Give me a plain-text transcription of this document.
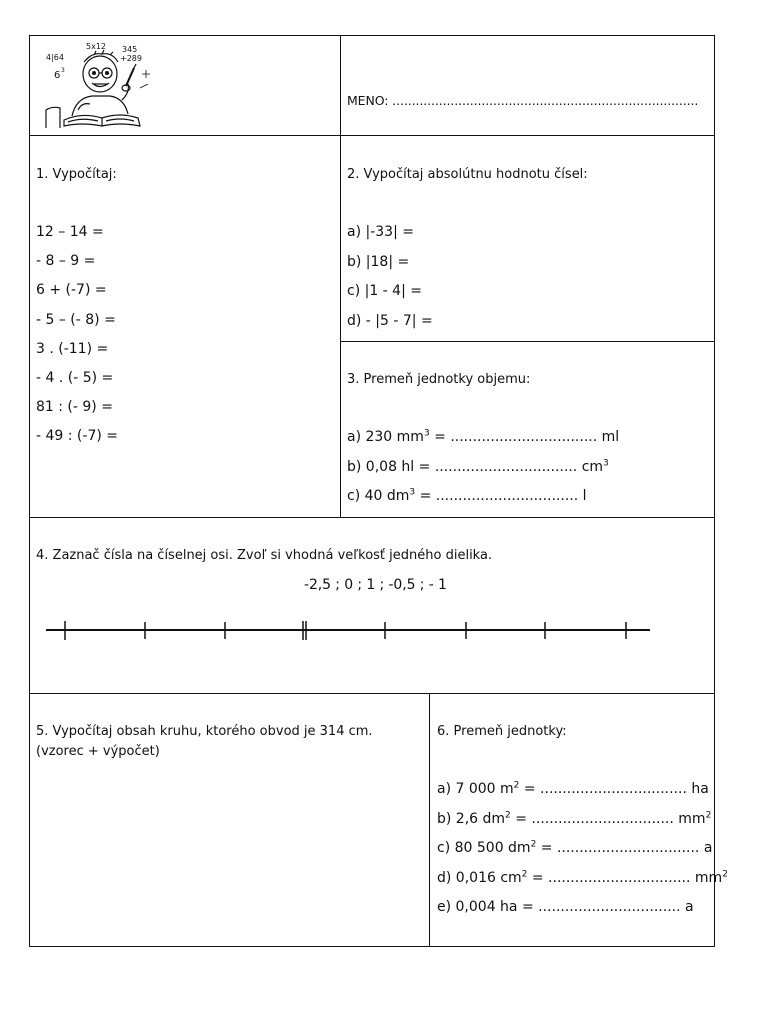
5x12 345
+289
4|64
6 3
MENO: ...............................................................................
1. Vypočítaj:	2. Vypočítaj absolútnu hodnotu čísel:
3. Premeň jednotky objemu:
4. Zaznač čísla na číselnej osi. Zvoľ si vhodná veľkosť jedného dielika.
-2,5 ; 0 ; 1 ; -0,5 ; - 1
5. Vypočítaj obsah kruhu, ktorého obvod je 314 cm.
(vzorec + výpočet)
6. Premeň jednotky:
12 – 14 =
- 8 – 9 =
6 + (-7) =
- 5 – (- 8) =
3 . (-11) =
- 4 . (- 5) =
81 : (- 9) =
- 49 : (-7) =
a) |-33| =
b) |18| =
c) |1 - 4| =
d) - |5 - 7| =
a) 230 $mm^3$ = ................................. ml
b) 0,08 hl = ................................ $cm^3$
c) 40 $dm^3$ = ................................ l
a) 7 000 $m^2$ = ................................. ha
b) 2,6 $dm^2$ = ................................ $mm^2$
c) 80 500 $dm^2$ = ................................ a
d) 0,016 $cm^2$ = ................................ $mm^2$
e) 0,004 ha = ................................ a
